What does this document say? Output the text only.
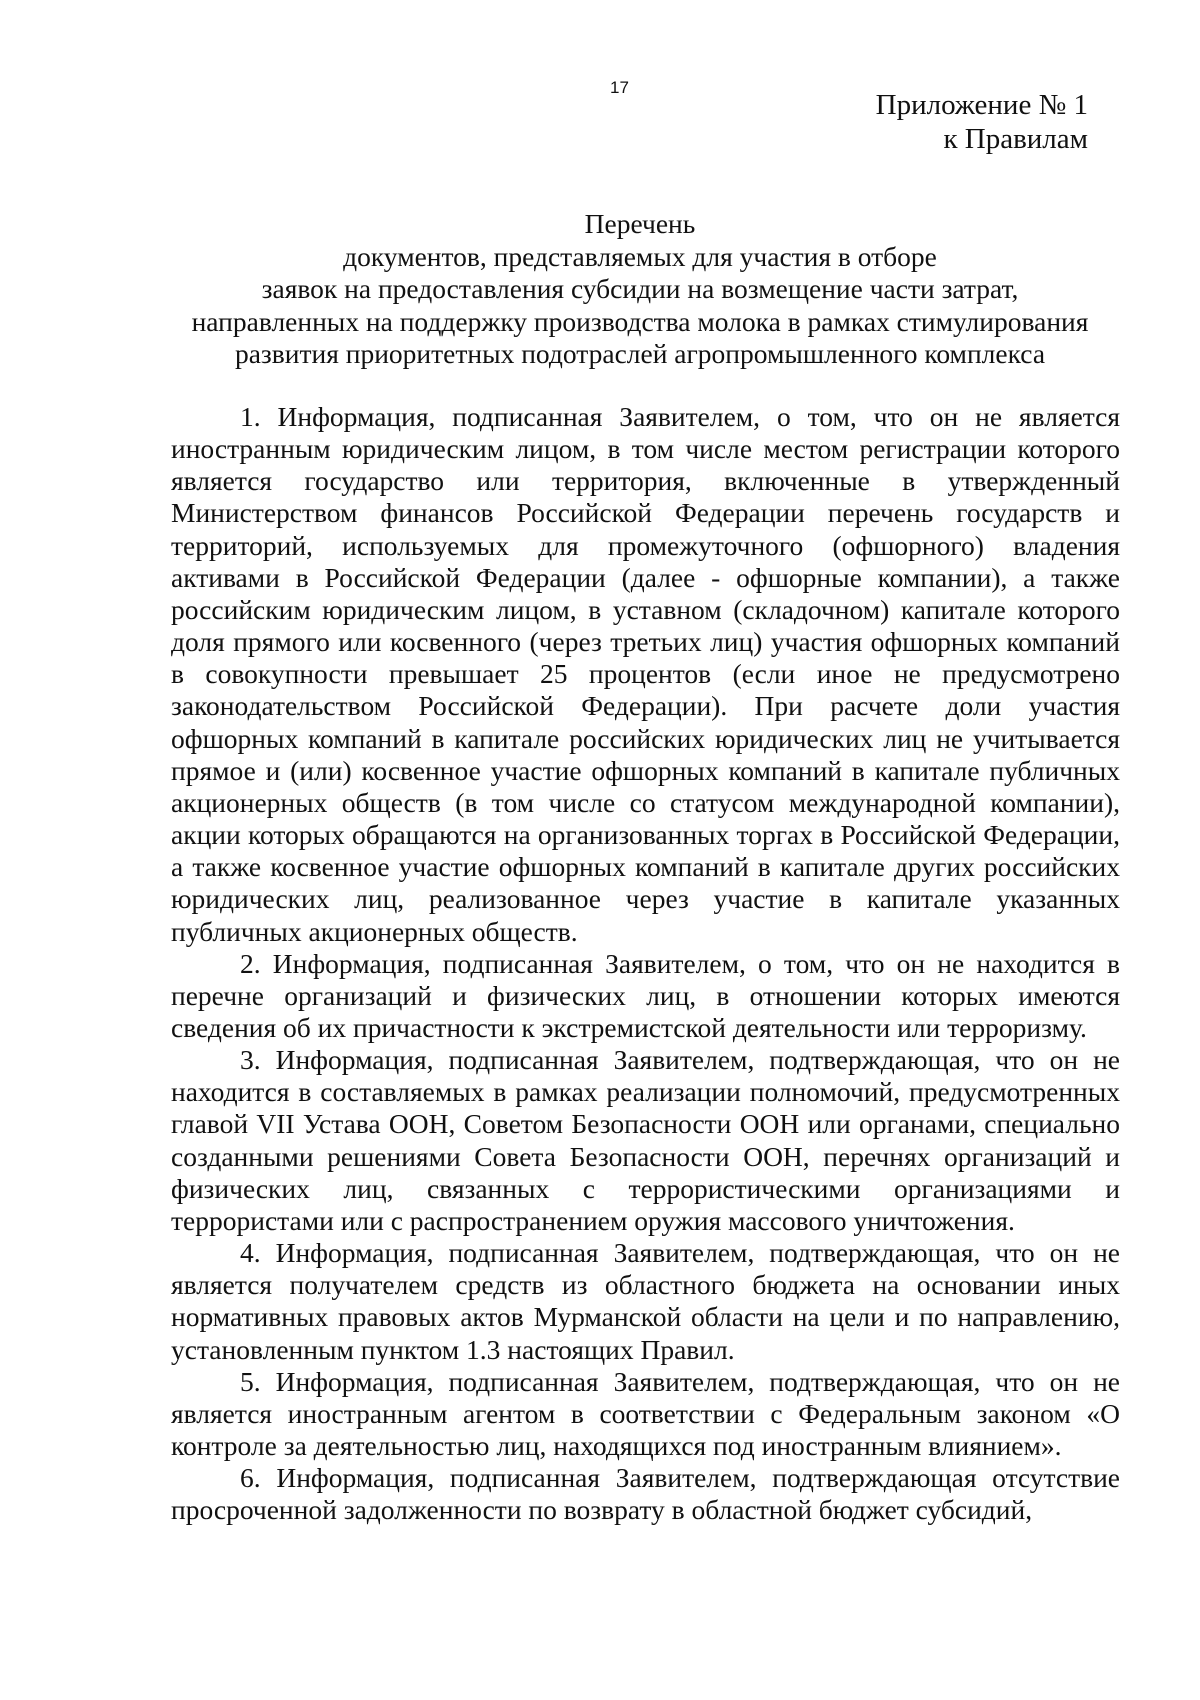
17
Приложение № 1
к Правилам
Перечень
документов, представляемых для участия в отборе
заявок на предоставления субсидии на возмещение части затрат,
направленных на поддержку производства молока в рамках стимулирования
развития приоритетных подотраслей агропромышленного комплекса

1. Информация, подписанная Заявителем, о том, что он не является иностранным юридическим лицом, в том числе местом регистрации которого является государство или территория, включенные в утвержденный Министерством финансов Российской Федерации перечень государств и территорий, используемых для промежуточного (офшорного) владения активами в Российской Федерации (далее - офшорные компании), а также российским юридическим лицом, в уставном (складочном) капитале которого доля прямого или косвенного (через третьих лиц) участия офшорных компаний в совокупности превышает 25 процентов (если иное не предусмотрено законодательством Российской Федерации). При расчете доли участия офшорных компаний в капитале российских юридических лиц не учитывается прямое и (или) косвенное участие офшорных компаний в капитале публичных акционерных обществ (в том числе со статусом международной компании), акции которых обращаются на организованных торгах в Российской Федерации, а также косвенное участие офшорных компаний в капитале других российских юридических лиц, реализованное через участие в капитале указанных публичных акционерных обществ.

2. Информация, подписанная Заявителем, о том, что он не находится в перечне организаций и физических лиц, в отношении которых имеются сведения об их причастности к экстремистской деятельности или терроризму.

3. Информация, подписанная Заявителем, подтверждающая, что он не находится в составляемых в рамках реализации полномочий, предусмотренных главой VII Устава ООН, Советом Безопасности ООН или органами, специально созданными решениями Совета Безопасности ООН, перечнях организаций и физических лиц, связанных с террористическими организациями и террористами или с распространением оружия массового уничтожения.

4. Информация, подписанная Заявителем, подтверждающая, что он не является получателем средств из областного бюджета на основании иных нормативных правовых актов Мурманской области на цели и по направлению, установленным пунктом 1.3 настоящих Правил.

5. Информация, подписанная Заявителем, подтверждающая, что он не является иностранным агентом в соответствии с Федеральным законом «О контроле за деятельностью лиц, находящихся под иностранным влиянием».

6. Информация, подписанная Заявителем, подтверждающая отсутствие просроченной задолженности по возврату в областной бюджет субсидий,
